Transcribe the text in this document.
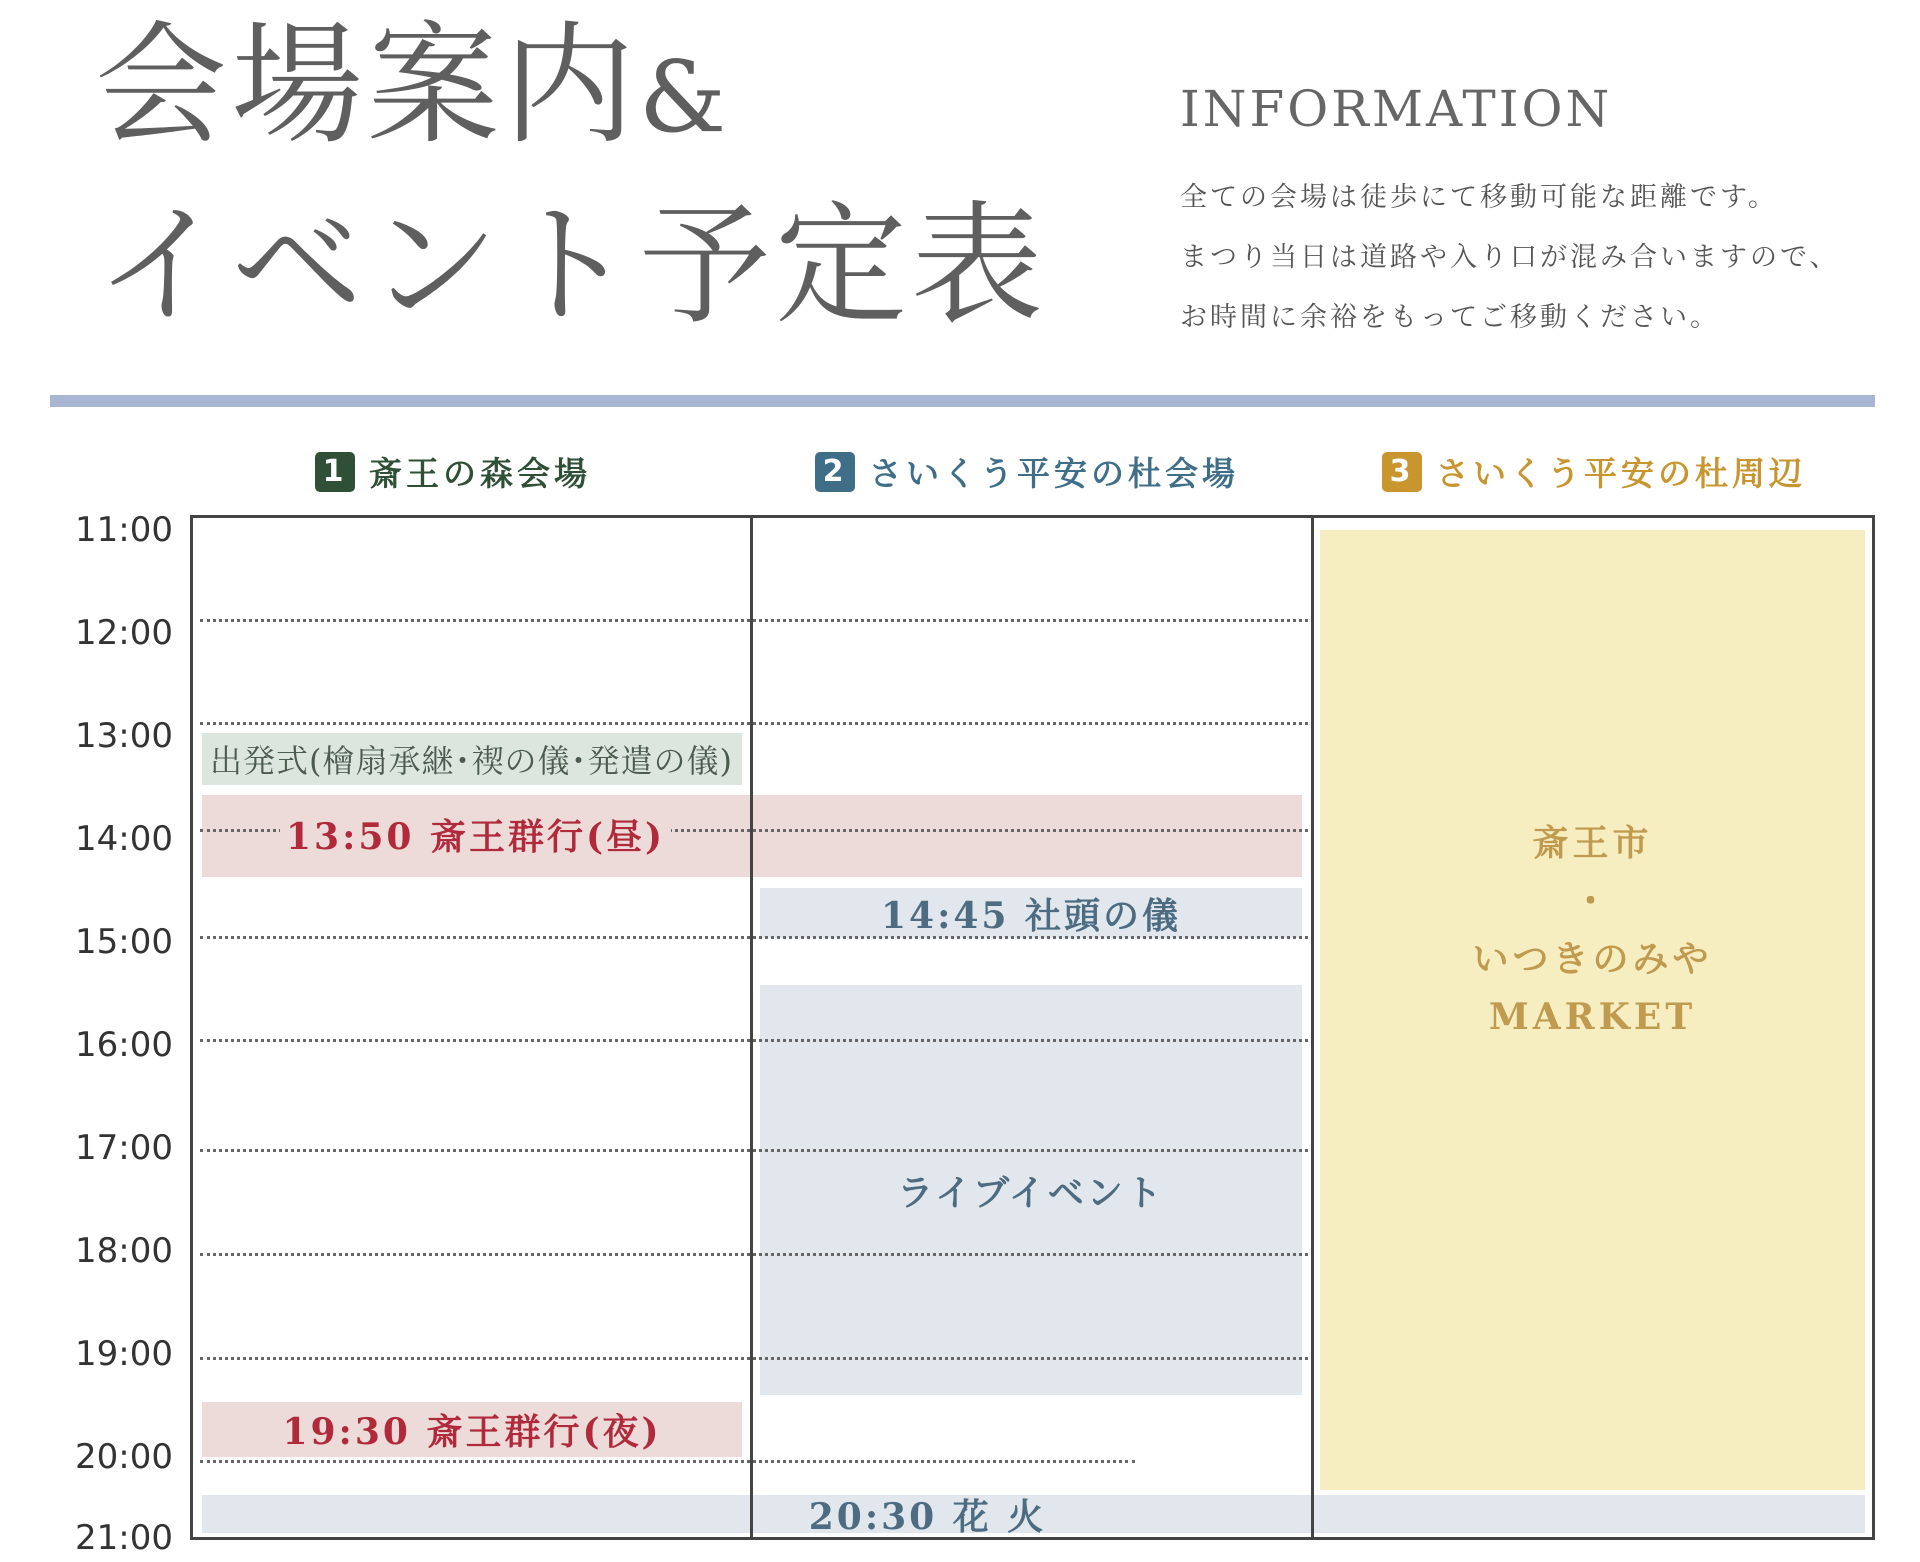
会場案内&
イベント予定表
INFORMATION
全ての会場は徒歩にて移動可能な距離です。
まつり当日は道路や入り口が混み合いますので、
お時間に余裕をもってご移動ください。
1 斎王の森会場	2 さいくう平安の杜会場	3 さいくう平安の杜周辺
11:00
12:00
13:00
14:00
15:00
16:00
17:00
18:00
19:00
20:00
21:00
出発式(檜扇承継･禊の儀･発遣の儀)
14:45 社頭の儀
ライブイベント
19:30 斎王群行(夜)
20:30 花 火
斎王市
・
いつきのみや
MARKET
13:50 斎王群行(昼)
